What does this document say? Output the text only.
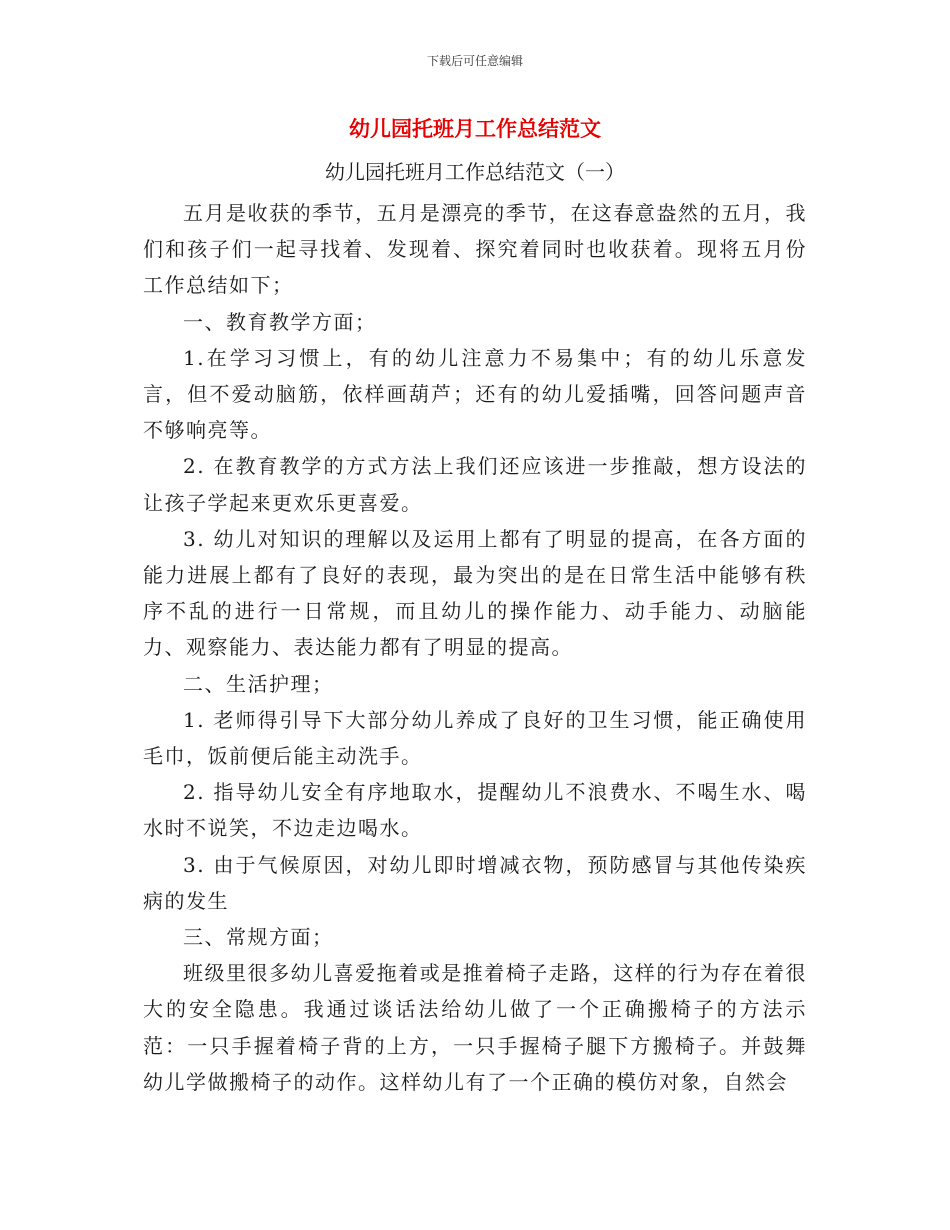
下载后可任意编辑
幼儿园托班月工作总结范文
幼儿园托班月工作总结范文（一）

五月是收获的季节，五月是漂亮的季节，在这春意盎然的五月，我们和孩子们一起寻找着、发现着、探究着同时也收获着。现将五月份工作总结如下；

一、教育教学方面；

1.在学习习惯上，有的幼儿注意力不易集中；有的幼儿乐意发言，但不爱动脑筋，依样画葫芦；还有的幼儿爱插嘴，回答问题声音不够响亮等。

2. 在教育教学的方式方法上我们还应该进一步推敲，想方设法的让孩子学起来更欢乐更喜爱。

3. 幼儿对知识的理解以及运用上都有了明显的提高，在各方面的能力进展上都有了良好的表现，最为突出的是在日常生活中能够有秩序不乱的进行一日常规，而且幼儿的操作能力、动手能力、动脑能力、观察能力、表达能力都有了明显的提高。

二、生活护理；

1. 老师得引导下大部分幼儿养成了良好的卫生习惯，能正确使用毛巾，饭前便后能主动洗手。

2. 指导幼儿安全有序地取水，提醒幼儿不浪费水、不喝生水、喝水时不说笑，不边走边喝水。

3. 由于气候原因，对幼儿即时增减衣物，预防感冒与其他传染疾病的发生

三、常规方面；

班级里很多幼儿喜爱拖着或是推着椅子走路，这样的行为存在着很大的安全隐患。我通过谈话法给幼儿做了一个正确搬椅子的方法示范：一只手握着椅子背的上方，一只手握椅子腿下方搬椅子。并鼓舞幼儿学做搬椅子的动作。这样幼儿有了一个正确的模仿对象，自然会
